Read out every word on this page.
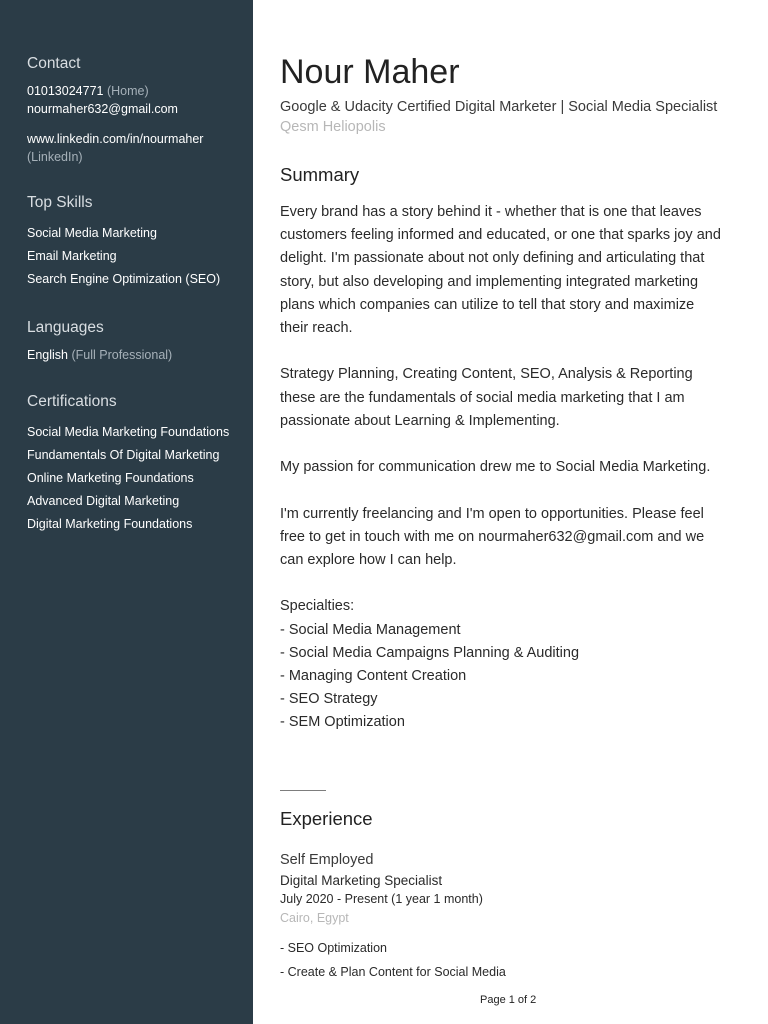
Contact
01013024771 (Home)
nourmaher632@gmail.com
www.linkedin.com/in/nourmaher
(LinkedIn)
Top Skills
Social Media Marketing
Email Marketing
Search Engine Optimization (SEO)
Languages
English (Full Professional)
Certifications
Social Media Marketing Foundations
Fundamentals Of Digital Marketing
Online Marketing Foundations
Advanced Digital Marketing
Digital Marketing Foundations
Nour Maher
Google & Udacity Certified Digital Marketer | Social Media Specialist
Qesm Heliopolis
Summary
Every brand has a story behind it - whether that is one that leaves
customers feeling informed and educated, or one that sparks joy and
delight. I'm passionate about not only defining and articulating that
story, but also developing and implementing integrated marketing
plans which companies can utilize to tell that story and maximize
their reach.
Strategy Planning, Creating Content, SEO, Analysis & Reporting
these are the fundamentals of social media marketing that I am
passionate about Learning & Implementing.
My passion for communication drew me to Social Media Marketing.
I'm currently freelancing and I'm open to opportunities. Please feel
free to get in touch with me on nourmaher632@gmail.com and we
can explore how I can help.
Specialties:
- Social Media Management
- Social Media Campaigns Planning & Auditing
- Managing Content Creation
- SEO Strategy
- SEM Optimization
Experience
Self Employed
Digital Marketing Specialist
July 2020 - Present (1 year 1 month)
Cairo, Egypt
- SEO Optimization
- Create & Plan Content for Social Media
Page 1 of 2
